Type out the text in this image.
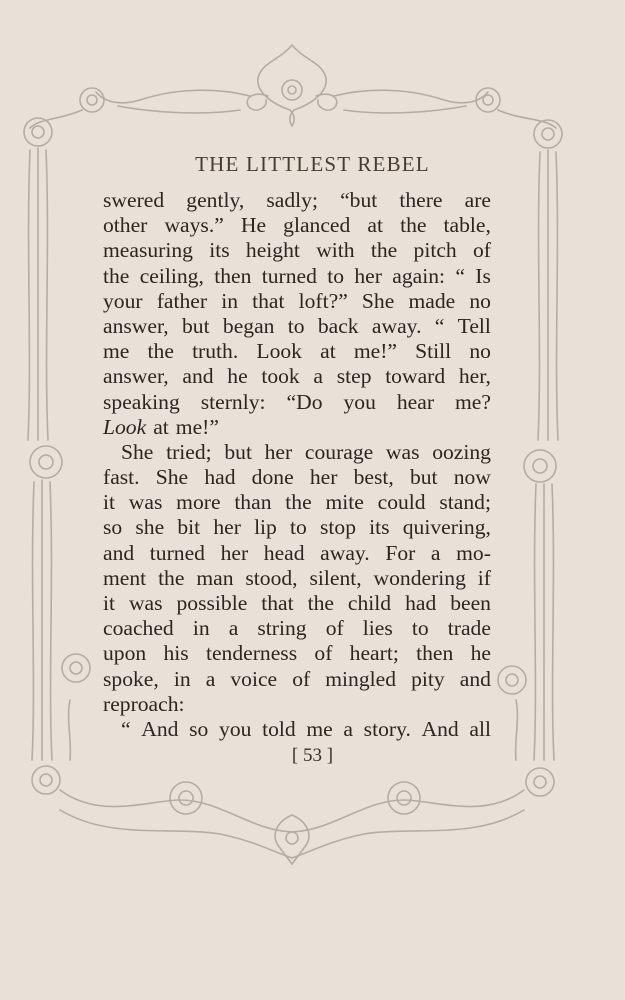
THE LITTLEST REBEL
swered gently, sadly; “but there are
other ways.” He glanced at the table,
measuring its height with the pitch of
the ceiling, then turned to her again: “ Is
your father in that loft?” She made no
answer, but began to back away. “ Tell
me the truth. Look at me!” Still no
answer, and he took a step toward her,
speaking sternly: “Do you hear me?
Look at me!”
She tried; but her courage was oozing
fast. She had done her best, but now
it was more than the mite could stand;
so she bit her lip to stop its quivering,
and turned her head away. For a mo-
ment the man stood, silent, wondering if
it was possible that the child had been
coached in a string of lies to trade
upon his tenderness of heart; then he
spoke, in a voice of mingled pity and
reproach:
“ And so you told me a story. And all
[ 53 ]
